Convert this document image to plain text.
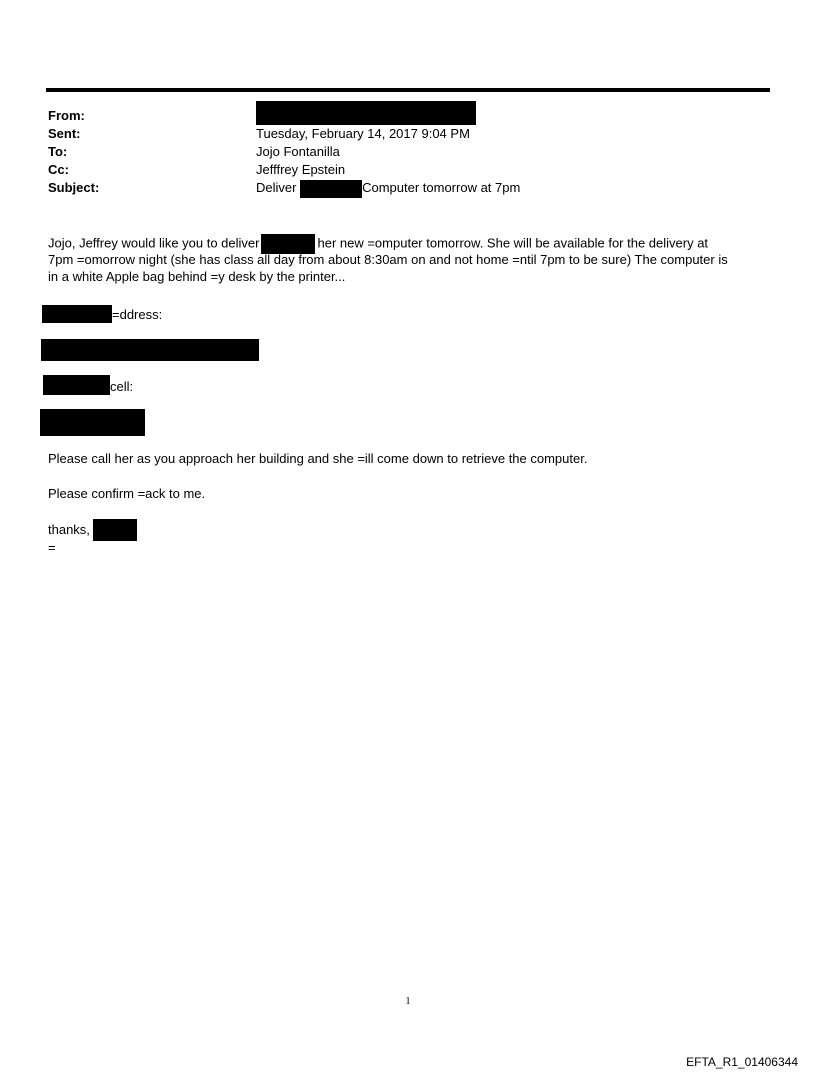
From:
Sent:	Tuesday, February 14, 2017 9:04 PM
To:	Jojo Fontanilla
Cc:	Jefffrey Epstein
Subject:	Deliver	Computer tomorrow at 7pm
Jojo, Jeffrey would like you to deliver	her new =omputer tomorrow. She will be available for the delivery at
7pm =omorrow night (she has class all day from about 8:30am on and not home =ntil 7pm to be sure) The computer is
in a white Apple bag behind =y desk by the printer...
=ddress:
cell:
Please call her as you approach her building and she =ill come down to retrieve the computer.
Please confirm =ack to me.
thanks,
=
1
EFTA_R1_01406344
